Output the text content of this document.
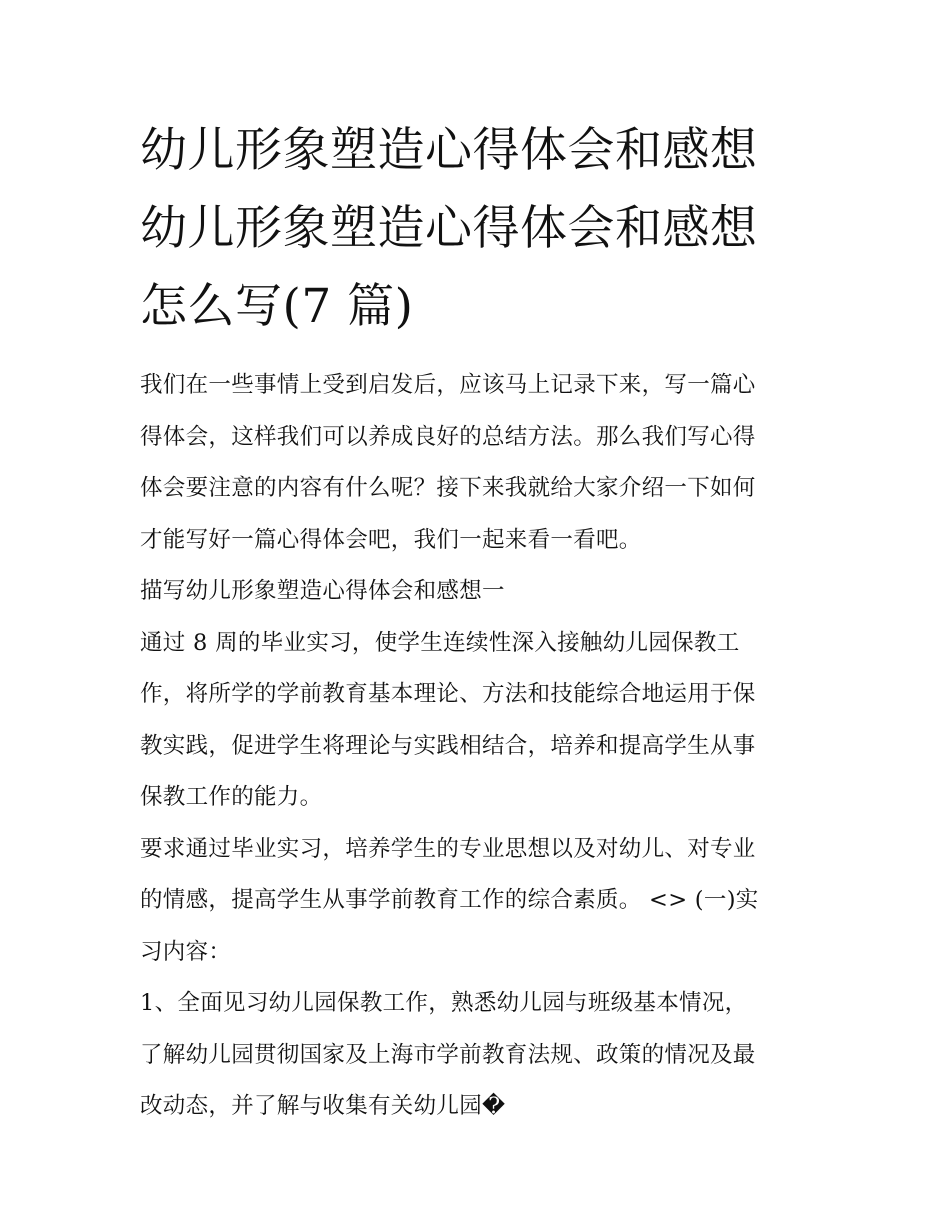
幼儿形象塑造心得体会和感想
幼儿形象塑造心得体会和感想
怎么写(7 篇)
我们在一些事情上受到启发后，应该马上记录下来，写一篇心
得体会，这样我们可以养成良好的总结方法。那么我们写心得
体会要注意的内容有什么呢？接下来我就给大家介绍一下如何
才能写好一篇心得体会吧，我们一起来看一看吧。
描写幼儿形象塑造心得体会和感想一
通过 8 周的毕业实习，使学生连续性深入接触幼儿园保教工
作，将所学的学前教育基本理论、方法和技能综合地运用于保
教实践，促进学生将理论与实践相结合，培养和提高学生从事
保教工作的能力。
要求通过毕业实习，培养学生的专业思想以及对幼儿、对专业
的情感，提高学生从事学前教育工作的综合素质。 <> (一)实
习内容：
1、全面见习幼儿园保教工作，熟悉幼儿园与班级基本情况，
了解幼儿园贯彻国家及上海市学前教育法规、政策的情况及最
改动态，并了解与收集有关幼儿园�
